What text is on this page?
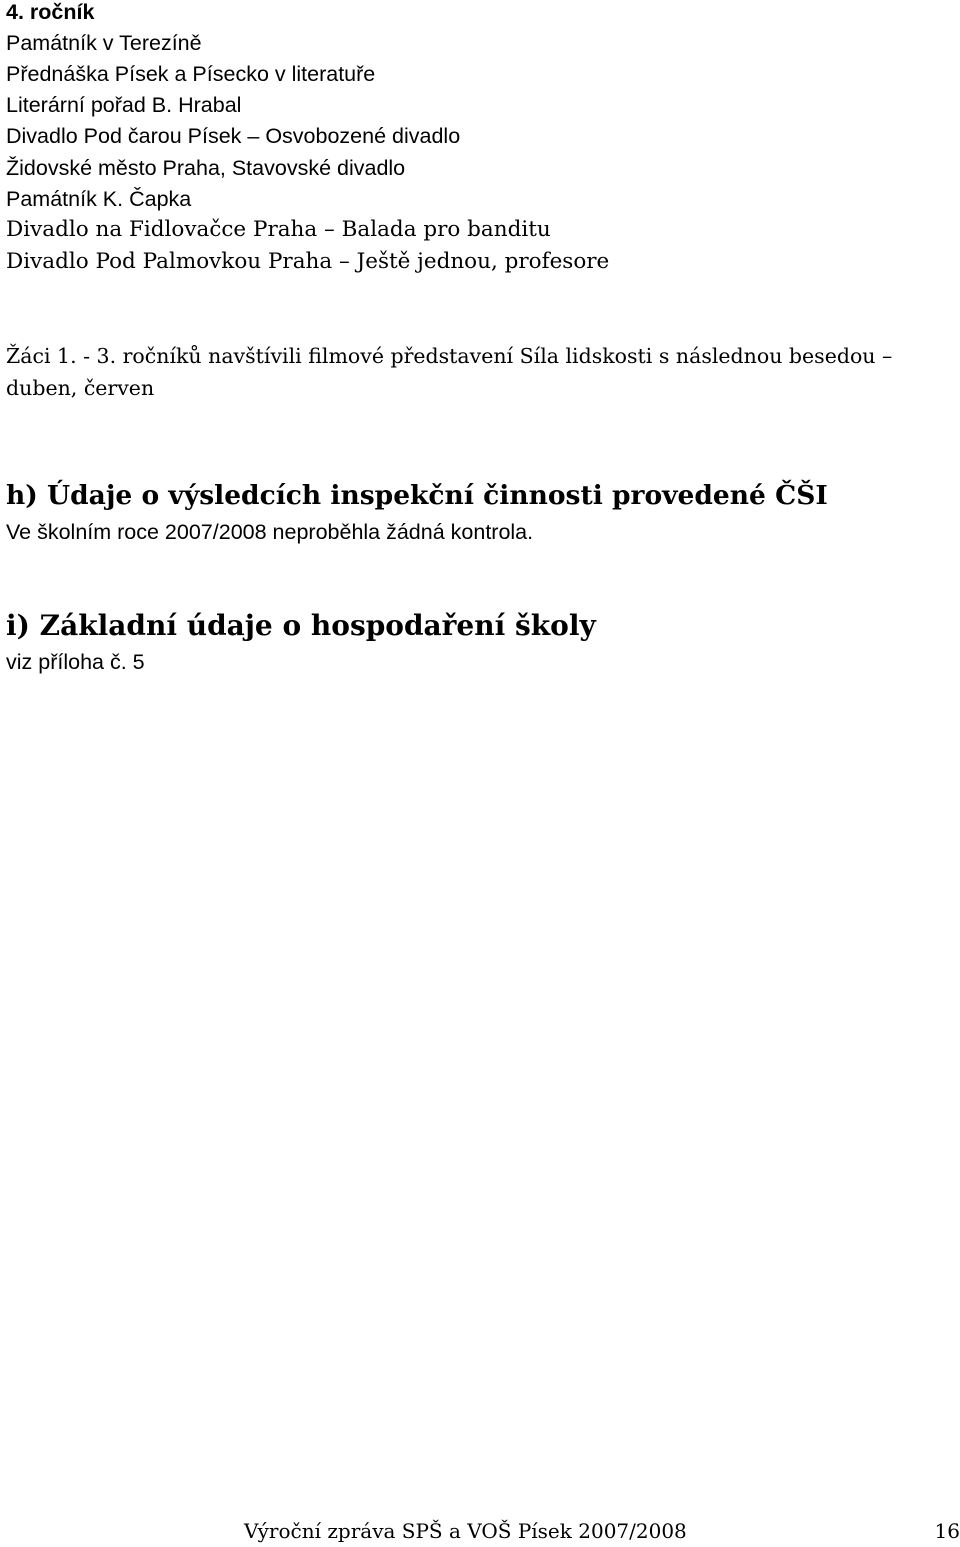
4. ročník
Památník v Terezíně
Přednáška Písek a Písecko v literatuře
Literární pořad B. Hrabal
Divadlo Pod čarou Písek – Osvobozené divadlo
Židovské město Praha, Stavovské divadlo
Památník K. Čapka
Divadlo na Fidlovačce Praha – Balada pro banditu
Divadlo Pod Palmovkou Praha – Ještě jednou, profesore
Žáci 1. - 3. ročníků navštívili filmové představení Síla lidskosti s následnou besedou –
duben, červen
h) Údaje o výsledcích inspekční činnosti provedené ČŠI
Ve školním roce 2007/2008 neproběhla žádná kontrola.
i) Základní údaje o hospodaření školy
viz příloha č. 5
Výroční zpráva SPŠ a VOŠ Písek 2007/2008	16
